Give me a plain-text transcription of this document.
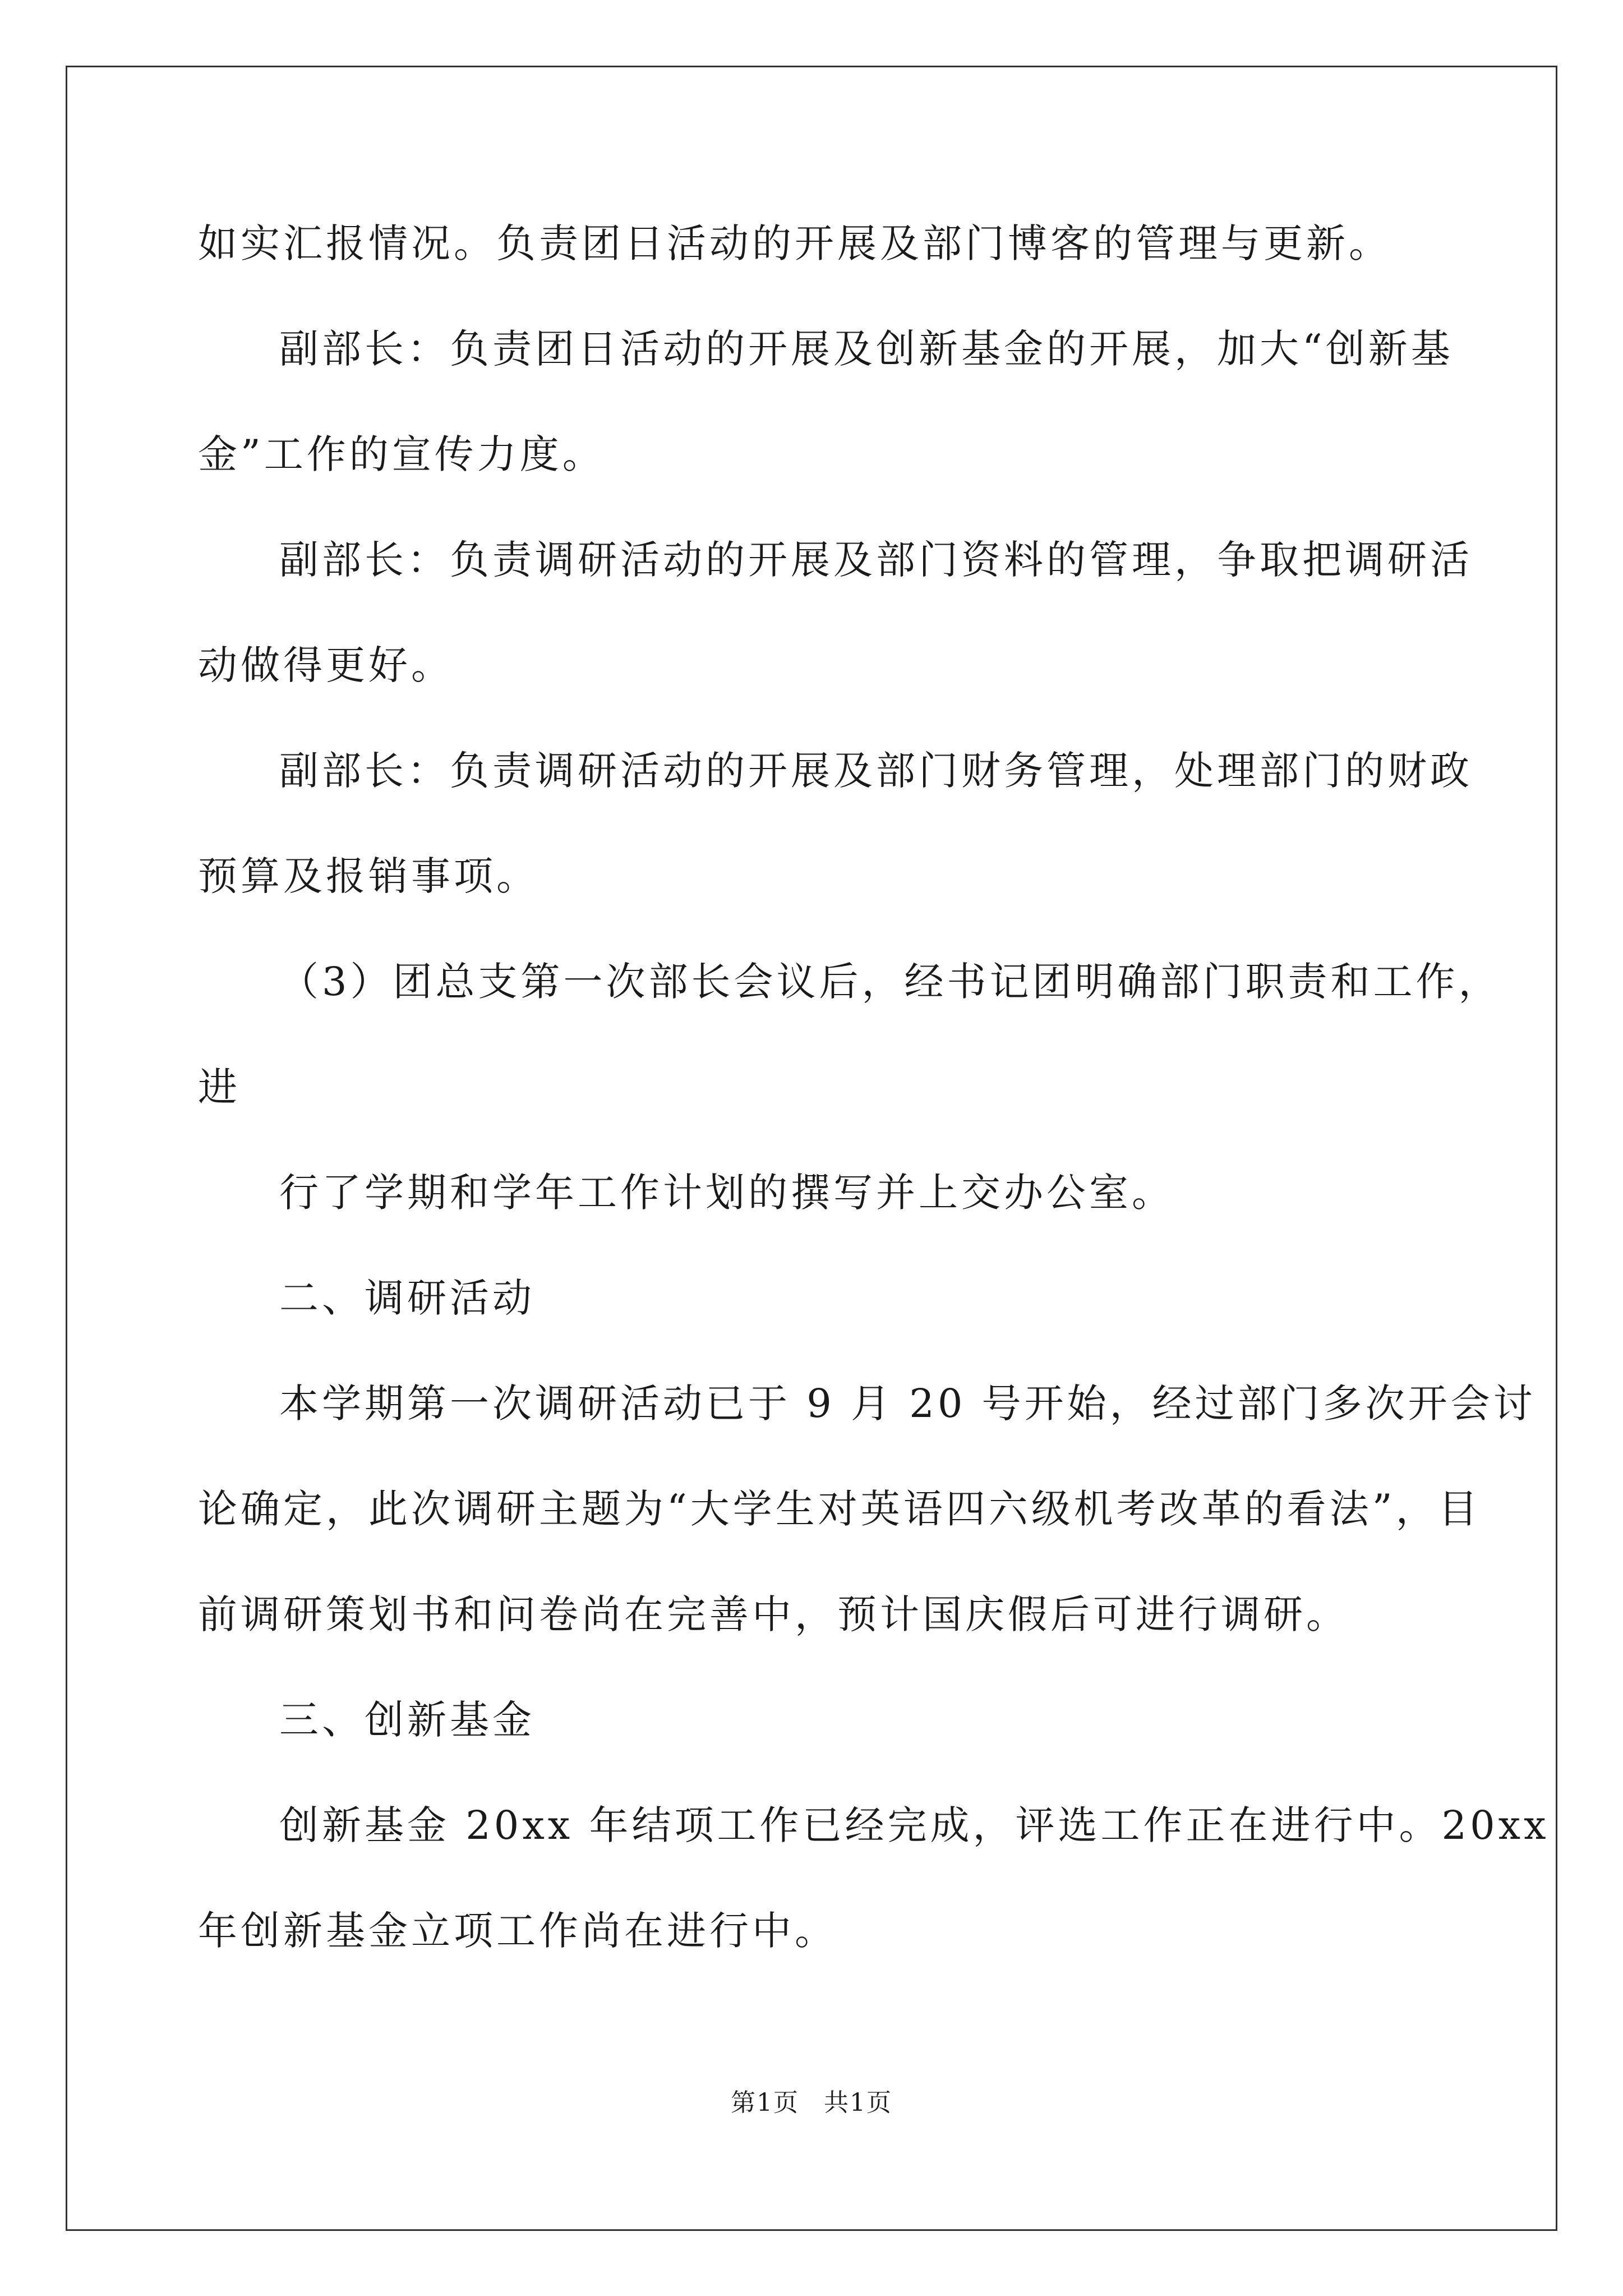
如实汇报情况。负责团日活动的开展及部门博客的管理与更新。

副部长：负责团日活动的开展及创新基金的开展，加大“创新基

金”工作的宣传力度。

副部长：负责调研活动的开展及部门资料的管理，争取把调研活

动做得更好。

副部长：负责调研活动的开展及部门财务管理，处理部门的财政

预算及报销事项。

（3）团总支第一次部长会议后，经书记团明确部门职责和工作，

进

行了学期和学年工作计划的撰写并上交办公室。

二、调研活动

本学期第一次调研活动已于 9 月 20 号开始，经过部门多次开会讨

论确定，此次调研主题为“大学生对英语四六级机考改革的看法”，目

前调研策划书和问卷尚在完善中，预计国庆假后可进行调研。

三、创新基金

创新基金 20xx 年结项工作已经完成，评选工作正在进行中。20xx

年创新基金立项工作尚在进行中。

第1页 共1页
